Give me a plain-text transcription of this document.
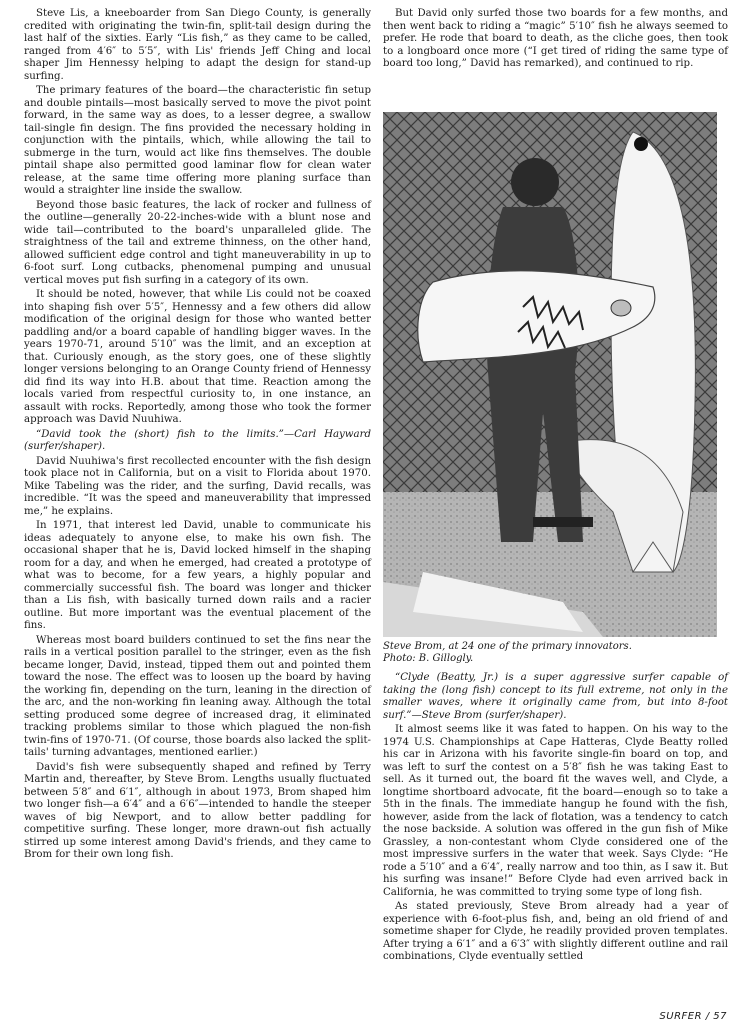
Steve Lis, a kneeboarder from San Diego County, is generally credited with originating the twin-fin, split-tail design during the last half of the sixties. Early “Lis fish,” as they came to be called, ranged from 4′6″ to 5′5″, with Lis' friends Jeff Ching and local shaper Jim Hennessy helping to adapt the design for stand-up surfing.

The primary features of the board—the characteristic fin setup and double pintails—most basically served to move the pivot point forward, in the same way as does, to a lesser degree, a swallow tail-single fin design. The fins provided the necessary holding in conjunction with the pintails, which, while allowing the tail to submerge in the turn, would act like fins themselves. The double pintail shape also permitted good laminar flow for clean water release, at the same time offering more planing surface than would a straighter line inside the swallow.

Beyond those basic features, the lack of rocker and fullness of the outline—generally 20-22-inches-wide with a blunt nose and wide tail—contributed to the board's unparalleled glide. The straightness of the tail and extreme thinness, on the other hand, allowed sufficient edge control and tight maneuverability in up to 6-foot surf. Long cutbacks, phenomenal pumping and unusual vertical moves put fish surfing in a category of its own.

It should be noted, however, that while Lis could not be coaxed into shaping fish over 5′5″, Hennessy and a few others did allow modification of the original design for those who wanted better paddling and/or a board capable of handling bigger waves. In the years 1970-71, around 5′10″ was the limit, and an exception at that. Curiously enough, as the story goes, one of these slightly longer versions belonging to an Orange County friend of Hennessy did find its way into H.B. about that time. Reaction among the locals varied from respectful curiosity to, in one instance, an assault with rocks. Reportedly, among those who took the former approach was David Nuuhiwa.

“David took the (short) fish to the limits.”—Carl Hayward (surfer/shaper).

David Nuuhiwa's first recollected encounter with the fish design took place not in California, but on a visit to Florida about 1970. Mike Tabeling was the rider, and the surfing, David recalls, was incredible. “It was the speed and maneuverability that impressed me,” he explains.

In 1971, that interest led David, unable to communicate his ideas adequately to anyone else, to make his own fish. The occasional shaper that he is, David locked himself in the shaping room for a day, and when he emerged, had created a prototype of what was to become, for a few years, a highly popular and commercially successful fish. The board was longer and thicker than a Lis fish, with basically turned down rails and a racier outline. But more important was the eventual placement of the fins.

Whereas most board builders continued to set the fins near the rails in a vertical position parallel to the stringer, even as the fish became longer, David, instead, tipped them out and pointed them toward the nose. The effect was to loosen up the board by having the working fin, depending on the turn, leaning in the direction of the arc, and the non-working fin leaning away. Although the total setting produced some degree of increased drag, it eliminated tracking problems similar to those which plagued the non-fish twin-fins of 1970-71. (Of course, those boards also lacked the split-tails' turning advantages, mentioned earlier.)

David's fish were subsequently shaped and refined by Terry Martin and, thereafter, by Steve Brom. Lengths usually fluctuated between 5′8″ and 6′1″, although in about 1973, Brom shaped him two longer fish—a 6′4″ and a 6′6″—intended to handle the steeper waves of big Newport, and to allow better paddling for competitive surfing. These longer, more drawn-out fish actually stirred up some interest among David's friends, and they came to Brom for their own long fish.

But David only surfed those two boards for a few months, and then went back to riding a “magic” 5′10″ fish he always seemed to prefer. He rode that board to death, as the cliche goes, then took to a longboard once more (“I get tired of riding the same type of board too long,” David has remarked), and continued to rip.

Steve Brom, at 24 one of the primary innovators.
Photo: B. Gillogly.

“Clyde (Beatty, Jr.) is a super aggressive surfer capable of taking the (long fish) concept to its full extreme, not only in the smaller waves, where it originally came from, but into 8-foot surf.”—Steve Brom (surfer/shaper).

It almost seems like it was fated to happen. On his way to the 1974 U.S. Championships at Cape Hatteras, Clyde Beatty rolled his car in Arizona with his favorite single-fin board on top, and was left to surf the contest on a 5′8″ fish he was taking East to sell. As it turned out, the board fit the waves well, and Clyde, a longtime shortboard advocate, fit the board—enough so to take a 5th in the finals. The immediate hangup he found with the fish, however, aside from the lack of flotation, was a tendency to catch the nose backside. A solution was offered in the gun fish of Mike Grassley, a non-contestant whom Clyde considered one of the most impressive surfers in the water that week. Says Clyde: “He rode a 5′10″ and a 6′4″, really narrow and too thin, as I saw it. But his surfing was insane!” Before Clyde had even arrived back in California, he was committed to trying some type of long fish.

As stated previously, Steve Brom already had a year of experience with 6-foot-plus fish, and, being an old friend of and sometime shaper for Clyde, he readily provided proven templates. After trying a 6′1″ and a 6′3″ with slightly different outline and rail combinations, Clyde eventually settled

SURFER / 57
